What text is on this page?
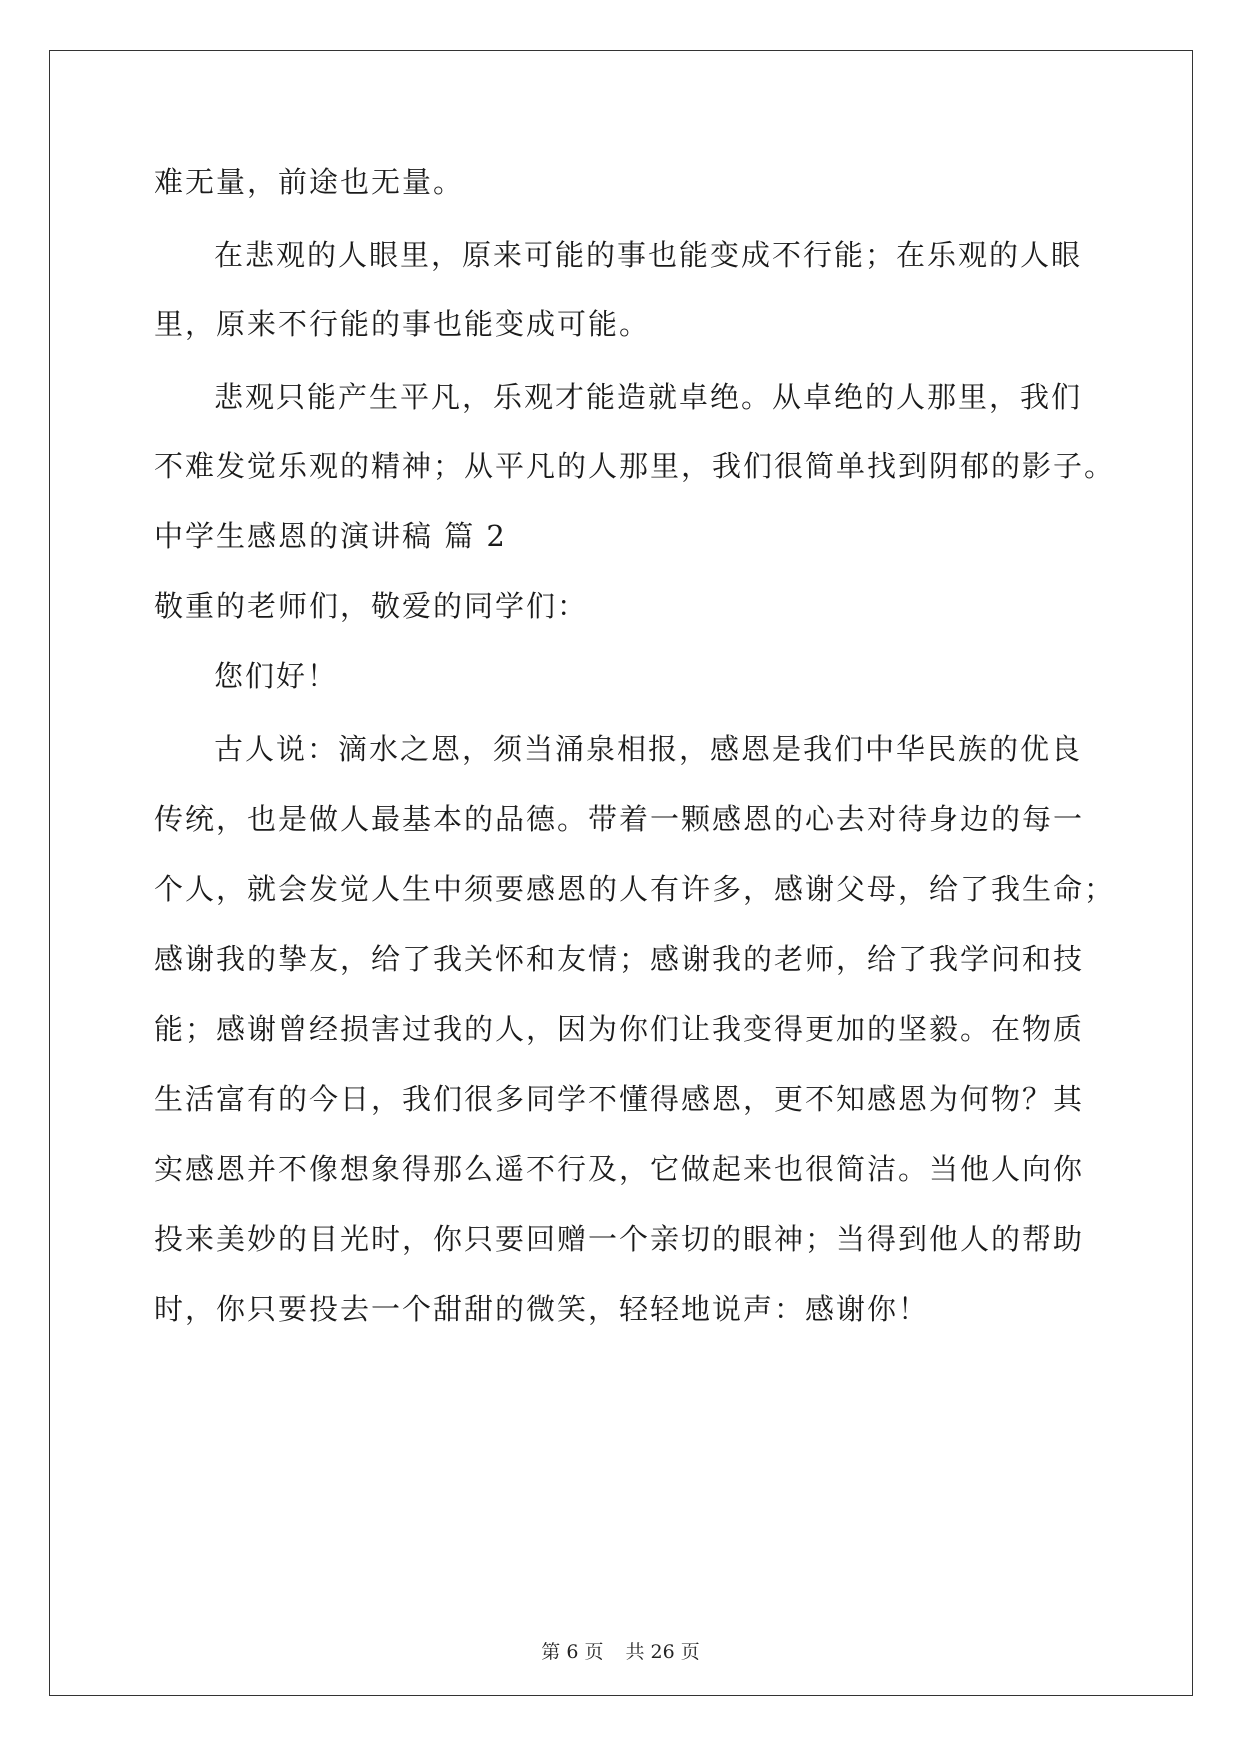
难无量，前途也无量。
在悲观的人眼里，原来可能的事也能变成不行能；在乐观的人眼
里，原来不行能的事也能变成可能。
悲观只能产生平凡，乐观才能造就卓绝。从卓绝的人那里，我们
不难发觉乐观的精神；从平凡的人那里，我们很简单找到阴郁的影子。
中学生感恩的演讲稿 篇 2
敬重的老师们，敬爱的同学们：
您们好！
古人说：滴水之恩，须当涌泉相报，感恩是我们中华民族的优良
传统，也是做人最基本的品德。带着一颗感恩的心去对待身边的每一
个人，就会发觉人生中须要感恩的人有许多，感谢父母，给了我生命；
感谢我的挚友，给了我关怀和友情；感谢我的老师，给了我学问和技
能；感谢曾经损害过我的人，因为你们让我变得更加的坚毅。在物质
生活富有的今日，我们很多同学不懂得感恩，更不知感恩为何物？其
实感恩并不像想象得那么遥不行及，它做起来也很简洁。当他人向你
投来美妙的目光时，你只要回赠一个亲切的眼神；当得到他人的帮助
时，你只要投去一个甜甜的微笑，轻轻地说声：感谢你！
第 6 页 共 26 页
